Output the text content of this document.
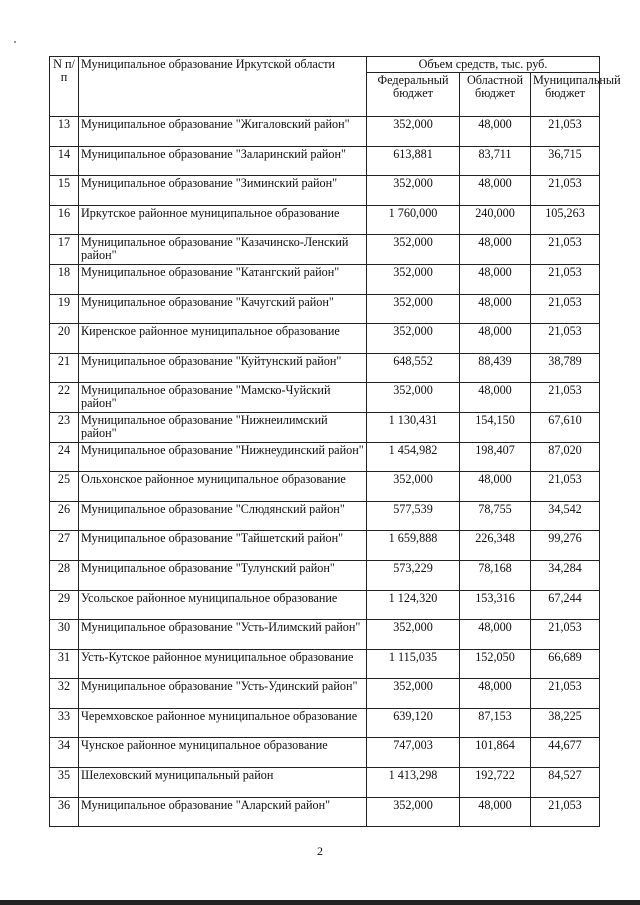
N п/п	Муниципальное образование Иркутской области	Объем средств, тыс. руб.		
		Федеральный бюджет	Областной бюджет	Муниципальный бюджет
13	Муниципальное образование "Жигаловский район"	352,000	48,000	21,053
14	Муниципальное образование "Заларинский район"	613,881	83,711	36,715
15	Муниципальное образование "Зиминский район"	352,000	48,000	21,053
16	Иркутское районное муниципальное образование	1 760,000	240,000	105,263
17	Муниципальное образование "Казачинско-Ленский район"	352,000	48,000	21,053
18	Муниципальное образование "Катангский район"	352,000	48,000	21,053
19	Муниципальное образование "Качугский район"	352,000	48,000	21,053
20	Киренское районное муниципальное образование	352,000	48,000	21,053
21	Муниципальное образование "Куйтунский район"	648,552	88,439	38,789
22	Муниципальное образование "Мамско-Чуйский район"	352,000	48,000	21,053
23	Муниципальное образование "Нижнеилимский район"	1 130,431	154,150	67,610
24	Муниципальное образование "Нижнеудинский район"	1 454,982	198,407	87,020
25	Ольхонское районное муниципальное образование	352,000	48,000	21,053
26	Муниципальное образование "Слюдянский район"	577,539	78,755	34,542
27	Муниципальное образование "Тайшетский район"	1 659,888	226,348	99,276
28	Муниципальное образование "Тулунский район"	573,229	78,168	34,284
29	Усольское районное муниципальное образование	1 124,320	153,316	67,244
30	Муниципальное образование "Усть-Илимский район"	352,000	48,000	21,053
31	Усть-Кутское районное муниципальное образование	1 115,035	152,050	66,689
32	Муниципальное образование "Усть-Удинский район"	352,000	48,000	21,053
33	Черемховское районное муниципальное образование	639,120	87,153	38,225
34	Чунское районное муниципальное образование	747,003	101,864	44,677
35	Шелеховский муниципальный район	1 413,298	192,722	84,527
36	Муниципальное образование "Аларский район"	352,000	48,000	21,053
2
